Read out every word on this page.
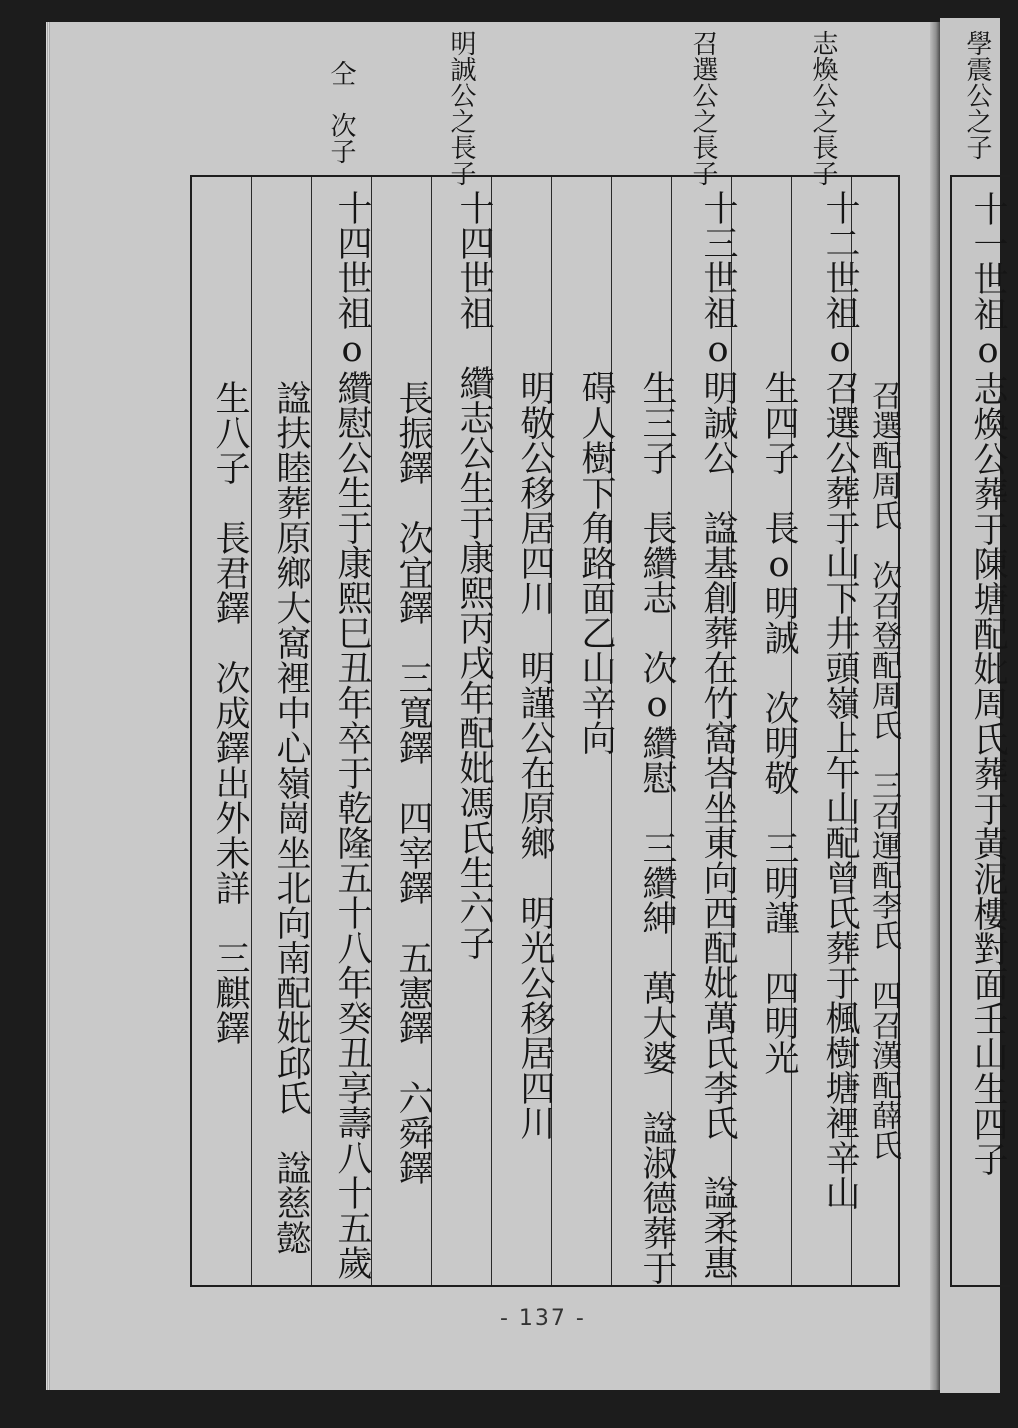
志煥公之長子
召選公之長子
明誠公之長子
仝　次子	學震公之子
十一世祖o志煥公葬于陳塘配妣周氏葬于黃泥樓對面壬山生四子
生八子　長君鐸　次成鐸出外未詳　三麒鐸 諡扶睦葬原鄉大窩裡中心嶺崗坐北向南配妣邱氏　諡慈懿 十四世祖o纘慰公生于康熙巳丑年卒于乾隆五十八年癸丑享壽八十五歲 長振鐸　次宜鐸　三寬鐸　四宰鐸　五憲鐸　六舜鐸 十四世祖　纘志公生于康熙丙戌年配妣馮氏生六子 明敬公移居四川　明謹公在原鄉　明光公移居四川 碍人樹下角路面乙山辛向 生三子　長纘志　次o纘慰　三纘紳　萬大婆　諡淑德葬于 十三世祖o明誠公　諡基創葬在竹窩峇坐東向西配妣萬氏李氏　諡柔惠 生四子　長o明誠　次明敬　三明謹　四明光 十二世祖o召選公葬于山下井頭嶺上午山配曾氏葬于楓樹塘裡辛山 召選配周氏　次召登配周氏　三召運配李氏　四召漢配薛氏
- 137 -
